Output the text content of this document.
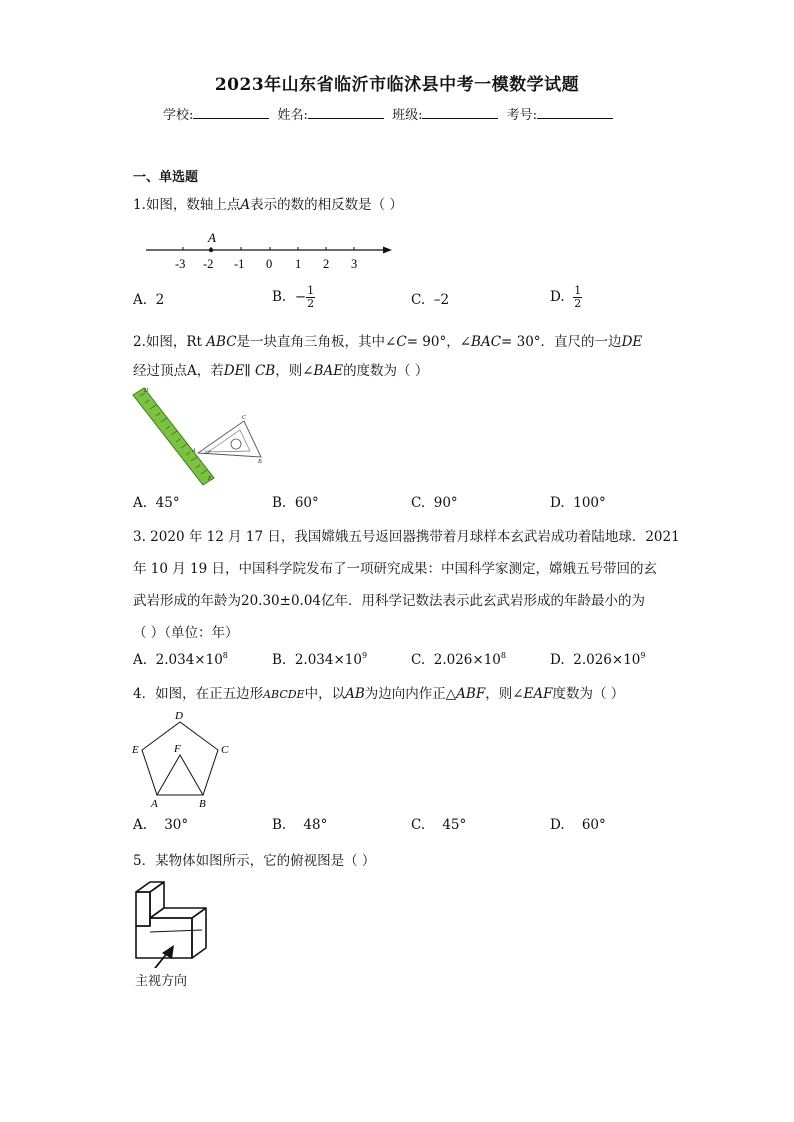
2023年山东省临沂市临沭县中考一模数学试题
学校:	姓名:	班级:	考号:
一、单选题
1.如图，数轴上点A表示的数的相反数是（ ）
A
-3 -2 -1 0 1 2 3
A. 2	B. − $\frac{1}{2}$	C. –2	D. $\frac{1}{2}$
2.如图，Rt ABC是一块直角三角板，其中∠C= 90°，∠BAC= 30°．直尺的一边DE
经过顶点A，若DE∥ CB，则∠BAE的度数为（ ）
D
A
C
B
E
30°
A. 45°	B. 60°	C. 90°	D. 100°
3. 2020 年 12 月 17 日，我国嫦娥五号返回器携带着月球样本玄武岩成功着陆地球．2021
年 10 月 19 日，中国科学院发布了一项研究成果：中国科学家测定，嫦娥五号带回的玄
武岩形成的年龄为20.30±0.04亿年．用科学记数法表示此玄武岩形成的年龄最小的为
（ ）（单位：年）
A. $2.034\times 10^8$	B. $2.034\times 10^9$	C. $2.026\times 10^8$	D. $2.026\times 10^9$
4．如图，在正五边形ABCDE中，以AB为边向内作正△ABF，则∠EAF度数为（ ）
D
E	C
F
A	B
A. 30°	B. 48°	C. 45°	D. 60°
5．某物体如图所示，它的俯视图是（ ）
主视方向
